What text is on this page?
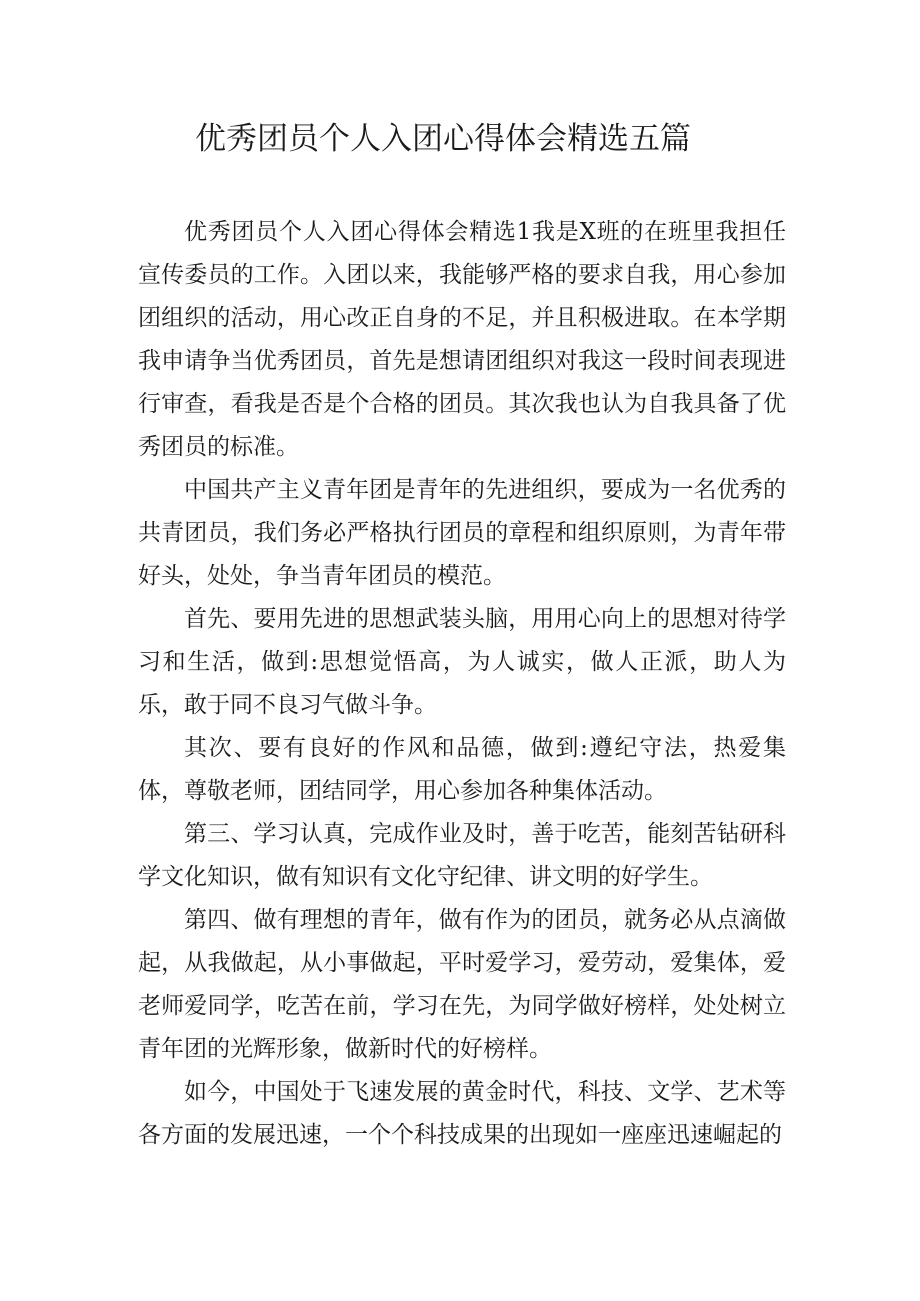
优秀团员个人入团心得体会精选五篇

优秀团员个人入团心得体会精选1我是X班的在班里我担任宣传委员的工作。入团以来，我能够严格的要求自我，用心参加团组织的活动，用心改正自身的不足，并且积极进取。在本学期我申请争当优秀团员，首先是想请团组织对我这一段时间表现进行审查，看我是否是个合格的团员。其次我也认为自我具备了优秀团员的标准。

中国共产主义青年团是青年的先进组织，要成为一名优秀的共青团员，我们务必严格执行团员的章程和组织原则，为青年带好头，处处，争当青年团员的模范。

首先、要用先进的思想武装头脑，用用心向上的思想对待学习和生活，做到:思想觉悟高，为人诚实，做人正派，助人为乐，敢于同不良习气做斗争。

其次、要有良好的作风和品德，做到:遵纪守法，热爱集体，尊敬老师，团结同学，用心参加各种集体活动。

第三、学习认真，完成作业及时，善于吃苦，能刻苦钻研科学文化知识，做有知识有文化守纪律、讲文明的好学生。

第四、做有理想的青年，做有作为的团员，就务必从点滴做起，从我做起，从小事做起，平时爱学习，爱劳动，爱集体，爱老师爱同学，吃苦在前，学习在先，为同学做好榜样，处处树立青年团的光辉形象，做新时代的好榜样。

如今，中国处于飞速发展的黄金时代，科技、文学、艺术等各方面的发展迅速，一个个科技成果的出现如一座座迅速崛起的
